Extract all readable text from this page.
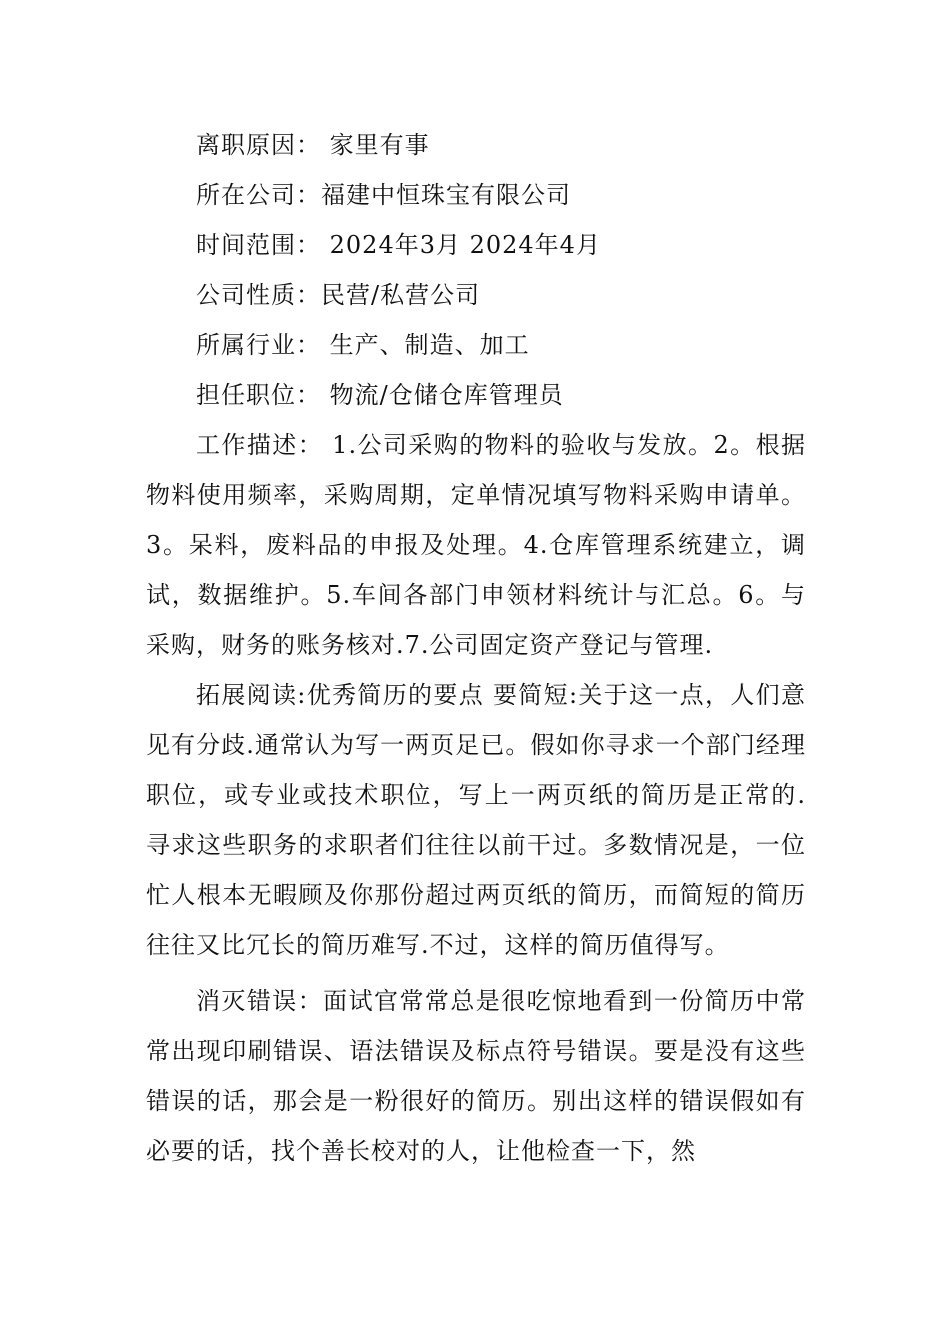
离职原因： 家里有事
所在公司：福建中恒珠宝有限公司
时间范围： 2024年3月 2024年4月
公司性质：民营/私营公司
所属行业： 生产、制造、加工
担任职位： 物流/仓储仓库管理员

工作描述： 1.公司采购的物料的验收与发放。2。根据物料使用频率，采购周期，定单情况填写物料采购申请单。3。呆料，废料品的申报及处理。4.仓库管理系统建立，调试，数据维护。5.车间各部门申领材料统计与汇总。6。与采购，财务的账务核对.7.公司固定资产登记与管理.

拓展阅读:优秀简历的要点 要简短:关于这一点，人们意见有分歧.通常认为写一两页足已。假如你寻求一个部门经理职位，或专业或技术职位，写上一两页纸的简历是正常的. 寻求这些职务的求职者们往往以前干过。多数情况是，一位忙人根本无暇顾及你那份超过两页纸的简历，而简短的简历往往又比冗长的简历难写.不过，这样的简历值得写。

消灭错误：面试官常常总是很吃惊地看到一份简历中常常出现印刷错误、语法错误及标点符号错误。要是没有这些错误的话，那会是一粉很好的简历。别出这样的错误假如有必要的话，找个善长校对的人，让他检查一下，然
